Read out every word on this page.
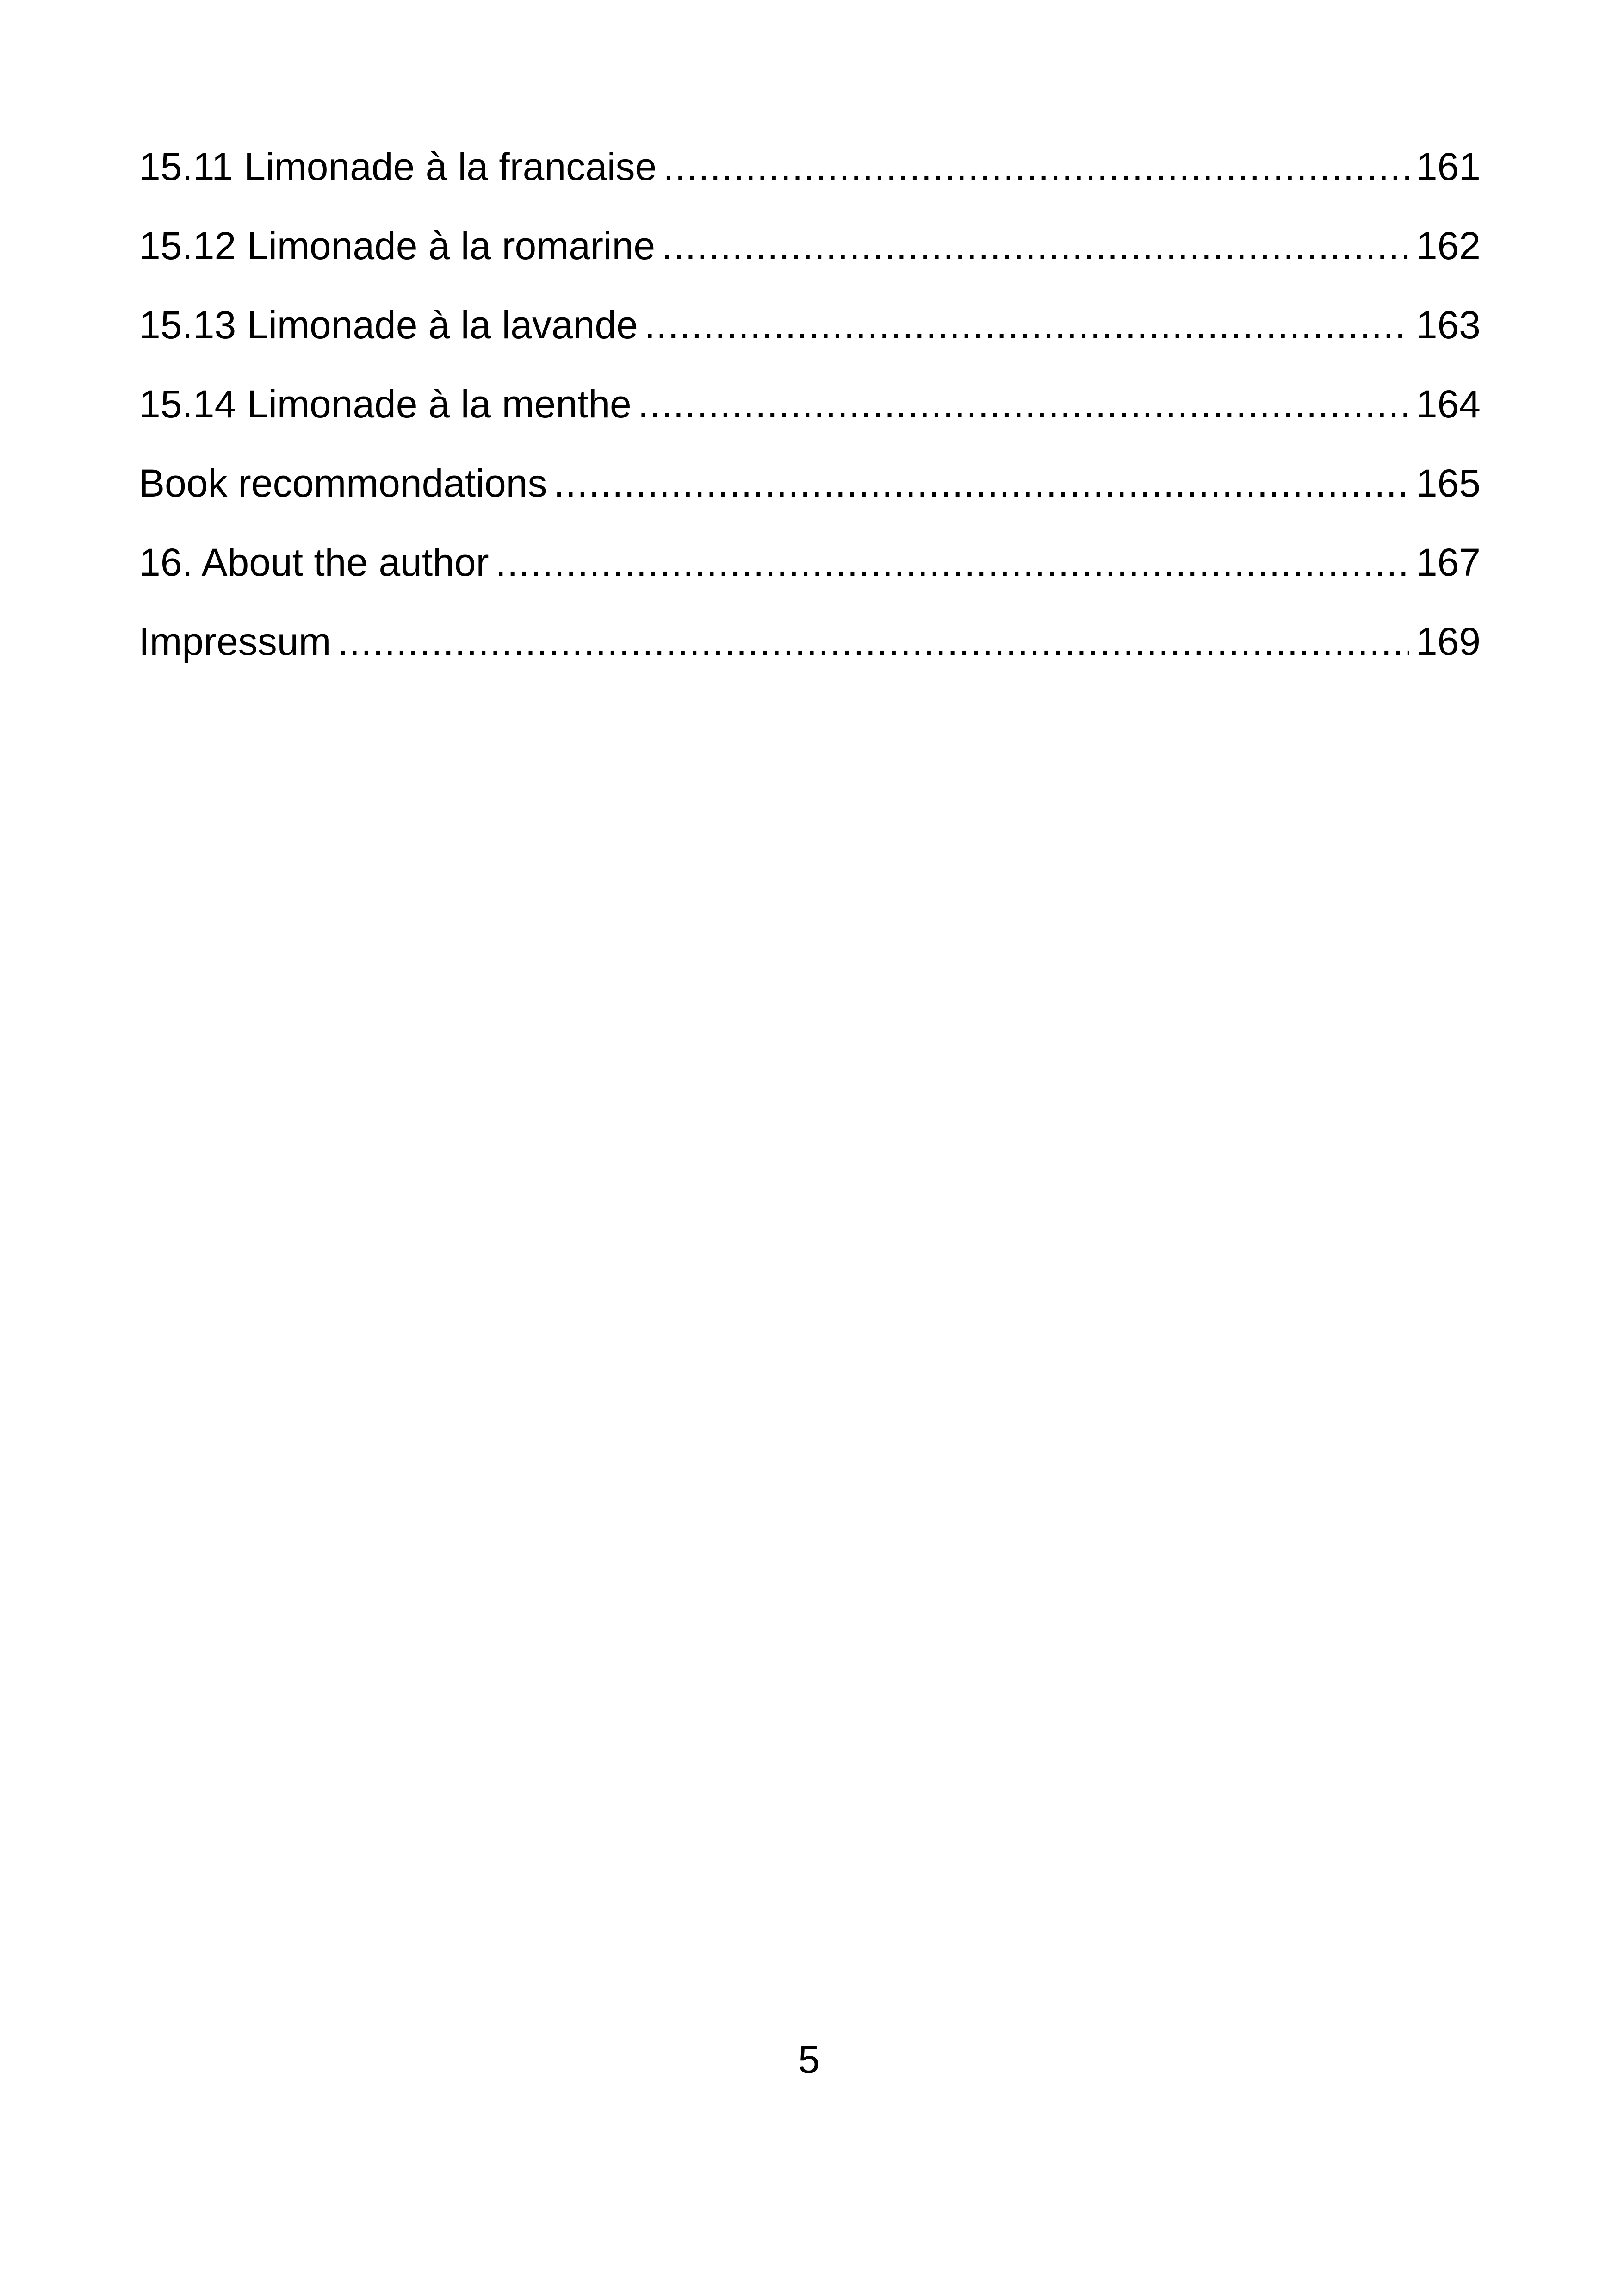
15.11 Limonade à la francaise .....	161
15.12 Limonade à la romarine .....	162
15.13 Limonade à la lavande .....	163
15.14 Limonade à la menthe .....	164
Book recommondations .....	165
16. About the author .....	167
Impressum .....	169
5
